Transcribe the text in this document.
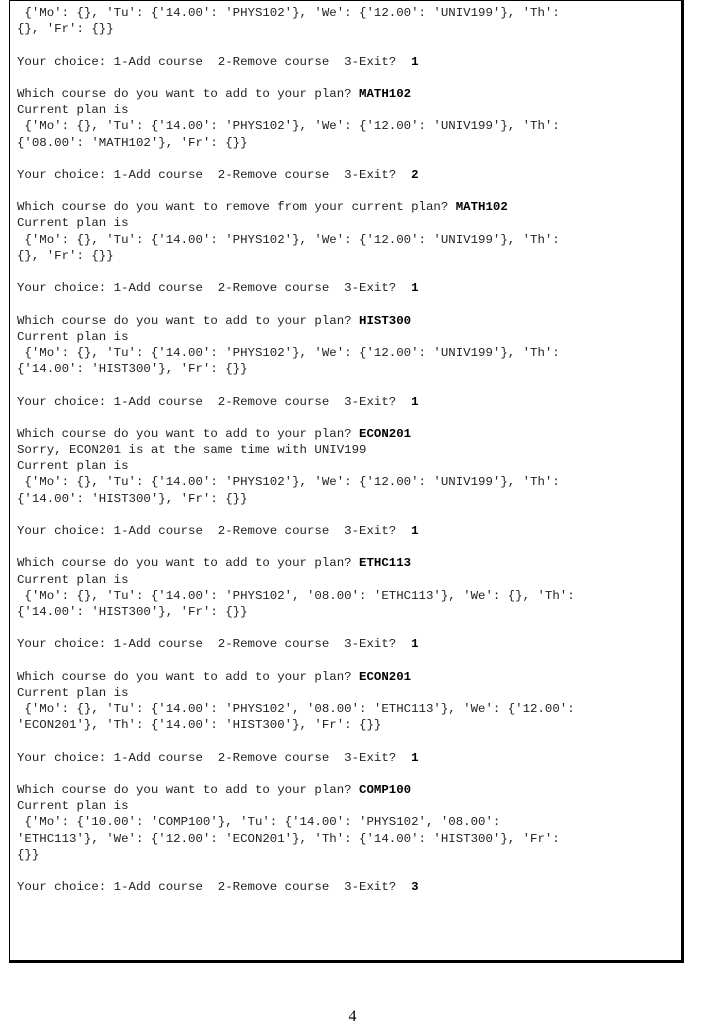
{'Mo': {}, 'Tu': {'14.00': 'PHYS102'}, 'We': {'12.00': 'UNIV199'}, 'Th':
{}, 'Fr': {}}
Your choice: 1-Add course  2-Remove course  3-Exit?  1
Which course do you want to add to your plan? MATH102
Current plan is
{'Mo': {}, 'Tu': {'14.00': 'PHYS102'}, 'We': {'12.00': 'UNIV199'}, 'Th':
{'08.00': 'MATH102'}, 'Fr': {}}
Your choice: 1-Add course  2-Remove course  3-Exit?  2
Which course do you want to remove from your current plan? MATH102
Current plan is
{'Mo': {}, 'Tu': {'14.00': 'PHYS102'}, 'We': {'12.00': 'UNIV199'}, 'Th':
{}, 'Fr': {}}
Your choice: 1-Add course  2-Remove course  3-Exit?  1
Which course do you want to add to your plan? HIST300
Current plan is
{'Mo': {}, 'Tu': {'14.00': 'PHYS102'}, 'We': {'12.00': 'UNIV199'}, 'Th':
{'14.00': 'HIST300'}, 'Fr': {}}
Your choice: 1-Add course  2-Remove course  3-Exit?  1
Which course do you want to add to your plan? ECON201
Sorry, ECON201 is at the same time with UNIV199
Current plan is
{'Mo': {}, 'Tu': {'14.00': 'PHYS102'}, 'We': {'12.00': 'UNIV199'}, 'Th':
{'14.00': 'HIST300'}, 'Fr': {}}
Your choice: 1-Add course  2-Remove course  3-Exit?  1
Which course do you want to add to your plan? ETHC113
Current plan is
{'Mo': {}, 'Tu': {'14.00': 'PHYS102', '08.00': 'ETHC113'}, 'We': {}, 'Th':
{'14.00': 'HIST300'}, 'Fr': {}}
Your choice: 1-Add course  2-Remove course  3-Exit?  1
Which course do you want to add to your plan? ECON201
Current plan is
{'Mo': {}, 'Tu': {'14.00': 'PHYS102', '08.00': 'ETHC113'}, 'We': {'12.00':
'ECON201'}, 'Th': {'14.00': 'HIST300'}, 'Fr': {}}
Your choice: 1-Add course  2-Remove course  3-Exit?  1
Which course do you want to add to your plan? COMP100
Current plan is
{'Mo': {'10.00': 'COMP100'}, 'Tu': {'14.00': 'PHYS102', '08.00':
'ETHC113'}, 'We': {'12.00': 'ECON201'}, 'Th': {'14.00': 'HIST300'}, 'Fr':
{}}
Your choice: 1-Add course  2-Remove course  3-Exit?  3
4
